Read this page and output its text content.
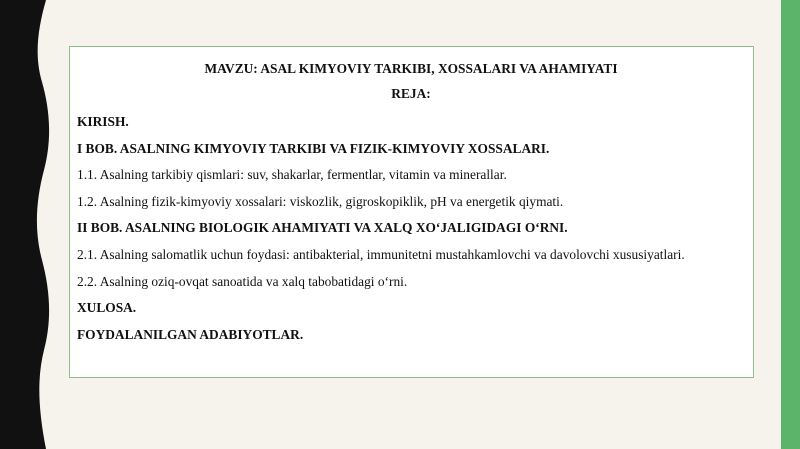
MAVZU: ASAL KIMYOVIY TARKIBI, XOSSALARI VA AHAMIYATI

REJA:

KIRISH.

I BOB. ASALNING KIMYOVIY TARKIBI VA FIZIK-KIMYOVIY XOSSALARI.

1.1. Asalning tarkibiy qismlari: suv, shakarlar, fermentlar, vitamin va minerallar.

1.2. Asalning fizik-kimyoviy xossalari: viskozlik, gigroskopiklik, pH va energetik qiymati.

II BOB. ASALNING BIOLOGIK AHAMIYATI VA XALQ XO‘JALIGIDAGI O‘RNI.

2.1. Asalning salomatlik uchun foydasi: antibakterial, immunitetni mustahkamlovchi va davolovchi xususiyatlari.

2.2. Asalning oziq-ovqat sanoatida va xalq tabobatidagi o‘rni.

XULOSA.

FOYDALANILGAN ADABIYOTLAR.
